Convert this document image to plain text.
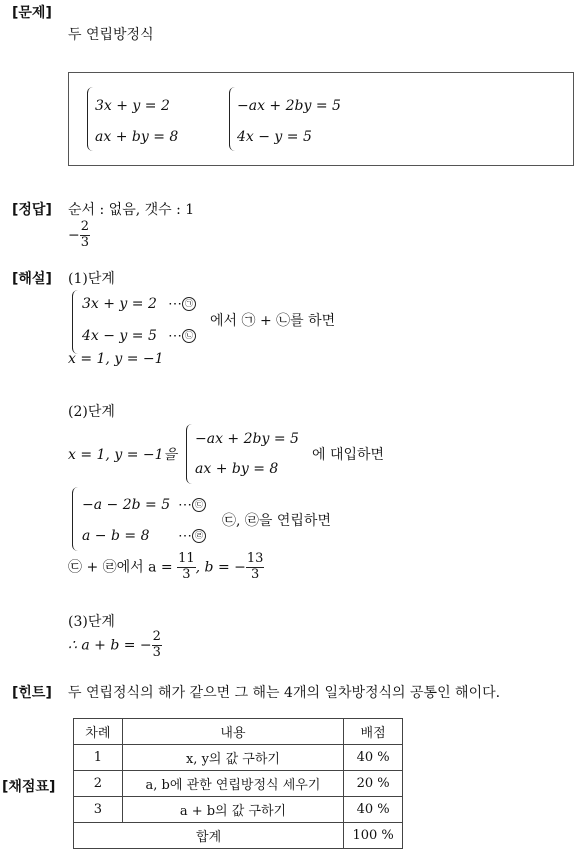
[문제]
두 연립방정식
3x + y = 2
ax + by = 8
−ax + 2by = 5
4x − y = 5
[정답] 순서 : 없음, 갯수 : 1
− $\frac{2}{3}$
[해설] (1)단계
3x + y = 2 ⋯ ㉠
4x − y = 5 ⋯ ㉡
에서 ㉠ + ㉡를 하면
x = 1, y = −1
(2)단계
x = 1, y = −1을
−ax + 2by = 5
ax + by = 8
에 대입하면
−a − 2b = 5 ⋯ ㉢
a − b = 8 ⋯ ㉣
㉢, ㉣을 연립하면
㉢ + ㉣에서 $a = \frac{11}{3}$ , b = − $\frac{13}{3}$
(3)단계
∴ a + b = − $\frac{2}{3}$
[힌트] 두 연립정식의 해가 같으면 그 해는 4개의 일차방정식의 공통인 해이다.
[채점표]
차례	내용	배점
1	x, y의 값 구하기	40 %
2	a, b에 관한 연립방정식 세우기	20 %
3	a + b의 값 구하기	40 %
합계		100 %
